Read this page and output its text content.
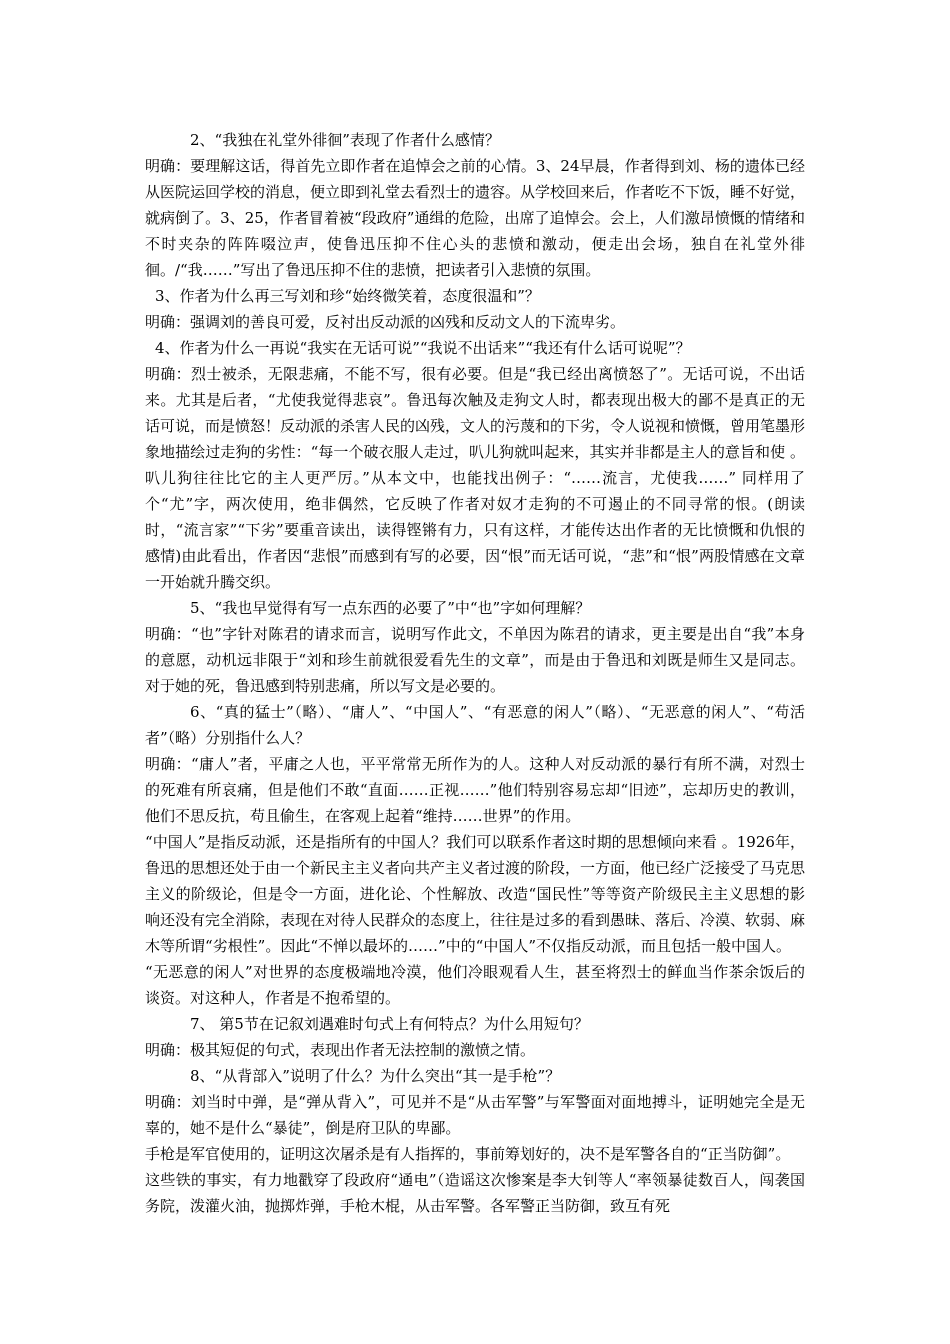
2、“我独在礼堂外徘徊”表现了作者什么感情？

明确：要理解这话，得首先立即作者在追悼会之前的心情。3、24早晨，作者得到刘、杨的遗体已经从医院运回学校的消息，便立即到礼堂去看烈士的遗容。从学校回来后，作者吃不下饭，睡不好觉，就病倒了。3、25，作者冒着被“段政府”通缉的危险，出席了追悼会。会上，人们激昂愤慨的情绪和不时夹杂的阵阵啜泣声，使鲁迅压抑不住心头的悲愤和激动，便走出会场，独自在礼堂外徘徊。/“我……”写出了鲁迅压抑不住的悲愤，把读者引入悲愤的氛围。

3、作者为什么再三写刘和珍“始终微笑着，态度很温和”？

明确：强调刘的善良可爱，反衬出反动派的凶残和反动文人的下流卑劣。

4、作者为什么一再说“我实在无话可说”“我说不出话来”“我还有什么话可说呢”？

明确：烈士被杀，无限悲痛，不能不写，很有必要。但是“我已经出离愤怒了”。无话可说，不出话来。尤其是后者，“尤使我觉得悲哀”。鲁迅每次触及走狗文人时，都表现出极大的鄙不是真正的无话可说，而是愤怒！反动派的杀害人民的凶残，文人的污蔑和的下劣，令人说视和愤慨，曾用笔墨形象地描绘过走狗的劣性：“每一个破衣服人走过，叭儿狗就叫起来，其实并非都是主人的意旨和使 。叭儿狗往往比它的主人更严厉。”从本文中，也能找出例子：“……流言，尤使我……” 同样用了个“尤”字，两次使用，绝非偶然，它反映了作者对奴才走狗的不可遏止的不同寻常的恨。(朗读时，“流言家”“下劣”要重音读出，读得铿锵有力，只有这样，才能传达出作者的无比愤慨和仇恨的感情)由此看出，作者因“悲恨”而感到有写的必要，因“恨”而无话可说，“悲”和“恨”两股情感在文章一开始就升腾交织。

5、“我也早觉得有写一点东西的必要了”中“也”字如何理解？

明确：“也”字针对陈君的请求而言，说明写作此文，不单因为陈君的请求，更主要是出自“我”本身的意愿，动机远非限于“刘和珍生前就很爱看先生的文章”，而是由于鲁迅和刘既是师生又是同志。对于她的死，鲁迅感到特别悲痛，所以写文是必要的。

6、“真的猛士”（略）、“庸人”、“中国人”、“有恶意的闲人”（略）、“无恶意的闲人”、“苟活者”（略）分别指什么人？

明确：“庸人”者，平庸之人也，平平常常无所作为的人。这种人对反动派的暴行有所不满，对烈士的死难有所哀痛，但是他们不敢“直面……正视……”他们特别容易忘却“旧迹”，忘却历史的教训，他们不思反抗，苟且偷生，在客观上起着“维持……世界”的作用。

“中国人”是指反动派，还是指所有的中国人？我们可以联系作者这时期的思想倾向来看 。1926年，鲁迅的思想还处于由一个新民主主义者向共产主义者过渡的阶段，一方面，他已经广泛接受了马克思主义的阶级论，但是令一方面，进化论、个性解放、改造“国民性”等等资产阶级民主主义思想的影响还没有完全消除，表现在对待人民群众的态度上，往往是过多的看到愚昧、落后、冷漠、软弱、麻木等所谓“劣根性”。因此“不惮以最坏的……”中的“中国人”不仅指反动派，而且包括一般中国人。

“无恶意的闲人”对世界的态度极端地冷漠，他们冷眼观看人生，甚至将烈士的鲜血当作茶余饭后的谈资。对这种人，作者是不抱希望的。

7、 第5节在记叙刘遇难时句式上有何特点？为什么用短句？

明确：极其短促的句式，表现出作者无法控制的激愤之情。

8、“从背部入”说明了什么？为什么突出“其一是手枪”？

明确：刘当时中弹，是“弹从背入”，可见并不是“从击军警”与军警面对面地搏斗，证明她完全是无辜的，她不是什么“暴徒”，倒是府卫队的卑鄙。

手枪是军官使用的，证明这次屠杀是有人指挥的，事前筹划好的，决不是军警各自的“正当防御”。

这些铁的事实，有力地戳穿了段政府“通电”（造谣这次惨案是李大钊等人“率领暴徒数百人，闯袭国务院，泼灌火油，抛掷炸弹，手枪木棍，从击军警。各军警正当防御，致互有死
